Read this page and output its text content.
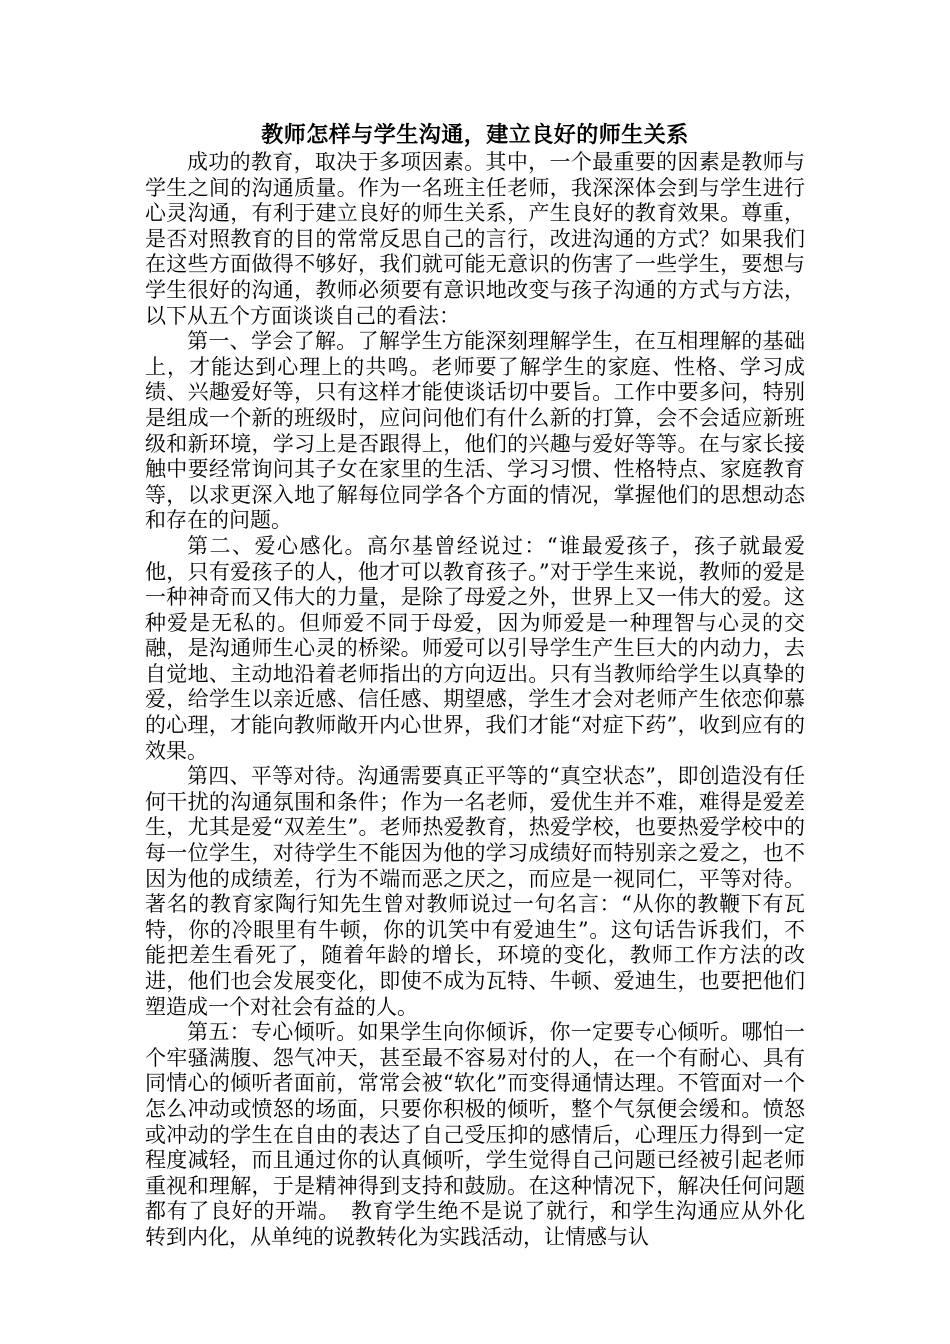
教师怎样与学生沟通，建立良好的师生关系

成功的教育，取决于多项因素。其中，一个最重要的因素是教师与学生之间的沟通质量。作为一名班主任老师，我深深体会到与学生进行心灵沟通，有利于建立良好的师生关系，产生良好的教育效果。尊重，是否对照教育的目的常常反思自己的言行，改进沟通的方式？如果我们在这些方面做得不够好，我们就可能无意识的伤害了一些学生，要想与学生很好的沟通，教师必须要有意识地改变与孩子沟通的方式与方法，以下从五个方面谈谈自己的看法：

第一、学会了解。了解学生方能深刻理解学生，在互相理解的基础上，才能达到心理上的共鸣。老师要了解学生的家庭、性格、学习成绩、兴趣爱好等，只有这样才能使谈话切中要旨。工作中要多问，特别是组成一个新的班级时，应问问他们有什么新的打算，会不会适应新班级和新环境，学习上是否跟得上，他们的兴趣与爱好等等。在与家长接触中要经常询问其子女在家里的生活、学习习惯、性格特点、家庭教育等，以求更深入地了解每位同学各个方面的情况，掌握他们的思想动态和存在的问题。

第二、爱心感化。高尔基曾经说过：“谁最爱孩子，孩子就最爱他，只有爱孩子的人，他才可以教育孩子。”对于学生来说，教师的爱是一种神奇而又伟大的力量，是除了母爱之外，世界上又一伟大的爱。这种爱是无私的。但师爱不同于母爱，因为师爱是一种理智与心灵的交融，是沟通师生心灵的桥梁。师爱可以引导学生产生巨大的内动力，去自觉地、主动地沿着老师指出的方向迈出。只有当教师给学生以真挚的爱，给学生以亲近感、信任感、期望感，学生才会对老师产生依恋仰慕的心理，才能向教师敞开内心世界，我们才能“对症下药”，收到应有的效果。

第四、平等对待。沟通需要真正平等的“真空状态”，即创造没有任何干扰的沟通氛围和条件；作为一名老师，爱优生并不难，难得是爱差生，尤其是爱“双差生”。老师热爱教育，热爱学校，也要热爱学校中的每一位学生，对待学生不能因为他的学习成绩好而特别亲之爱之，也不因为他的成绩差，行为不端而恶之厌之，而应是一视同仁，平等对待。著名的教育家陶行知先生曾对教师说过一句名言：“从你的教鞭下有瓦特，你的冷眼里有牛顿，你的讥笑中有爱迪生”。这句话告诉我们，不能把差生看死了，随着年龄的增长，环境的变化，教师工作方法的改进，他们也会发展变化，即使不成为瓦特、牛顿、爱迪生，也要把他们塑造成一个对社会有益的人。

第五：专心倾听。如果学生向你倾诉，你一定要专心倾听。哪怕一个牢骚满腹、怨气冲天，甚至最不容易对付的人，在一个有耐心、具有同情心的倾听者面前，常常会被“软化”而变得通情达理。不管面对一个怎么冲动或愤怒的场面，只要你积极的倾听，整个气氛便会缓和。愤怒或冲动的学生在自由的表达了自己受压抑的感情后，心理压力得到一定程度减轻，而且通过你的认真倾听，学生觉得自己问题已经被引起老师重视和理解，于是精神得到支持和鼓励。在这种情况下，解决任何问题都有了良好的开端。　教育学生绝不是说了就行，和学生沟通应从外化转到内化，从单纯的说教转化为实践活动，让情感与认
